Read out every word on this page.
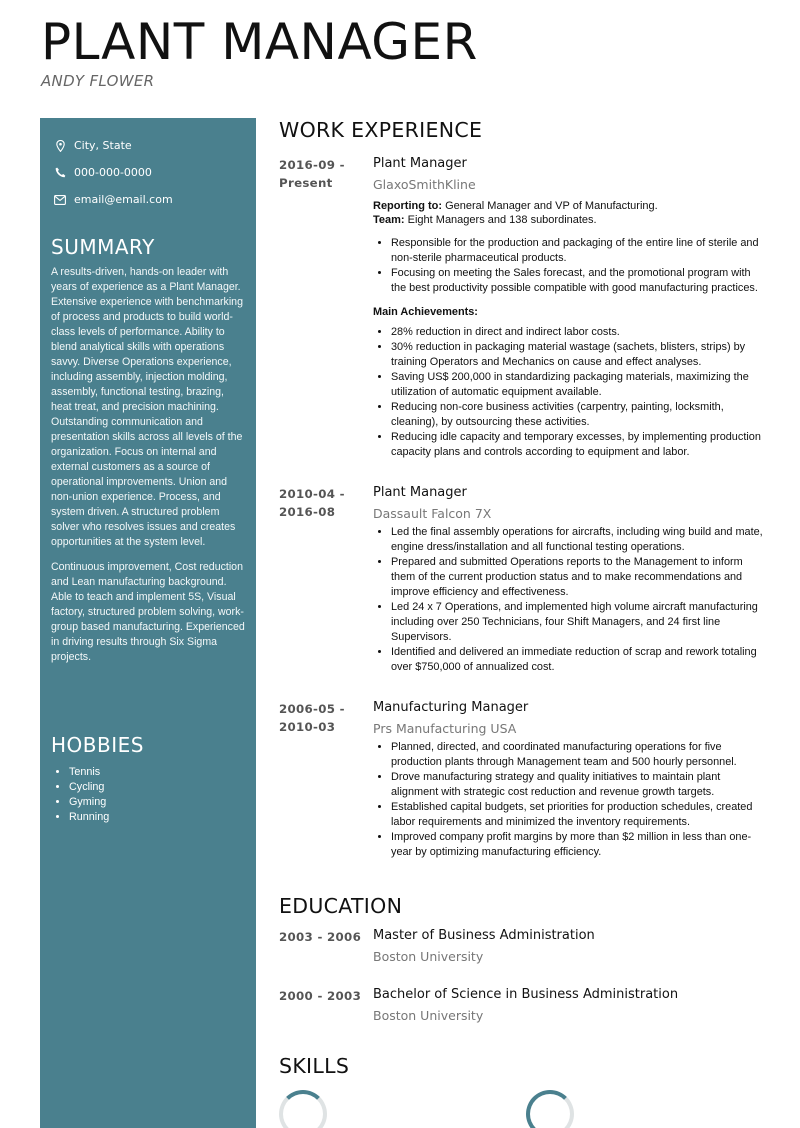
PLANT MANAGER
ANDY FLOWER
City, State
000-000-0000
email@email.com
SUMMARY

A results-driven, hands-on leader with years of experience as a Plant Manager. Extensive experience with benchmarking of process and products to build world-class levels of performance. Ability to blend analytical skills with operations savvy. Diverse Operations experience, including assembly, injection molding, assembly, functional testing, brazing, heat treat, and precision machining. Outstanding communication and presentation skills across all levels of the organization. Focus on internal and external customers as a source of operational improvements. Union and non-union experience. Process, and system driven. A structured problem solver who resolves issues and creates opportunities at the system level.

Continuous improvement, Cost reduction and Lean manufacturing background. Able to teach and implement 5S, Visual factory, structured problem solving, work-group based manufacturing. Experienced in driving results through Six Sigma projects.

HOBBIES
• Tennis
• Cycling
• Gyming
• Running
WORK EXPERIENCE
2016-09 -
Present
Plant Manager
GlaxoSmithKline
Reporting to: General Manager and VP of Manufacturing.
Team: Eight Managers and 138 subordinates.
• Responsible for the production and packaging of the entire line of sterile and non-sterile pharmaceutical products.
• Focusing on meeting the Sales forecast, and the promotional program with the best productivity possible compatible with good manufacturing practices.
Main Achievements:
• 28% reduction in direct and indirect labor costs.
• 30% reduction in packaging material wastage (sachets, blisters, strips) by training Operators and Mechanics on cause and effect analyses.
• Saving US$ 200,000 in standardizing packaging materials, maximizing the utilization of automatic equipment available.
• Reducing non-core business activities (carpentry, painting, locksmith, cleaning), by outsourcing these activities.
• Reducing idle capacity and temporary excesses, by implementing production capacity plans and controls according to equipment and labor.
2010-04 -
2016-08
Plant Manager
Dassault Falcon 7X
• Led the final assembly operations for aircrafts, including wing build and mate, engine dress/installation and all functional testing operations.
• Prepared and submitted Operations reports to the Management to inform them of the current production status and to make recommendations and improve efficiency and effectiveness.
• Led 24 x 7 Operations, and implemented high volume aircraft manufacturing including over 250 Technicians, four Shift Managers, and 24 first line Supervisors.
• Identified and delivered an immediate reduction of scrap and rework totaling over $750,000 of annualized cost.
2006-05 -
2010-03
Manufacturing Manager
Prs Manufacturing USA
• Planned, directed, and coordinated manufacturing operations for five production plants through Management team and 500 hourly personnel.
• Drove manufacturing strategy and quality initiatives to maintain plant alignment with strategic cost reduction and revenue growth targets.
• Established capital budgets, set priorities for production schedules, created labor requirements and minimized the inventory requirements.
• Improved company profit margins by more than $2 million in less than one-year by optimizing manufacturing efficiency.
EDUCATION
2003 - 2006 Master of Business Administration
Boston University
2000 - 2003 Bachelor of Science in Business Administration
Boston University
SKILLS
